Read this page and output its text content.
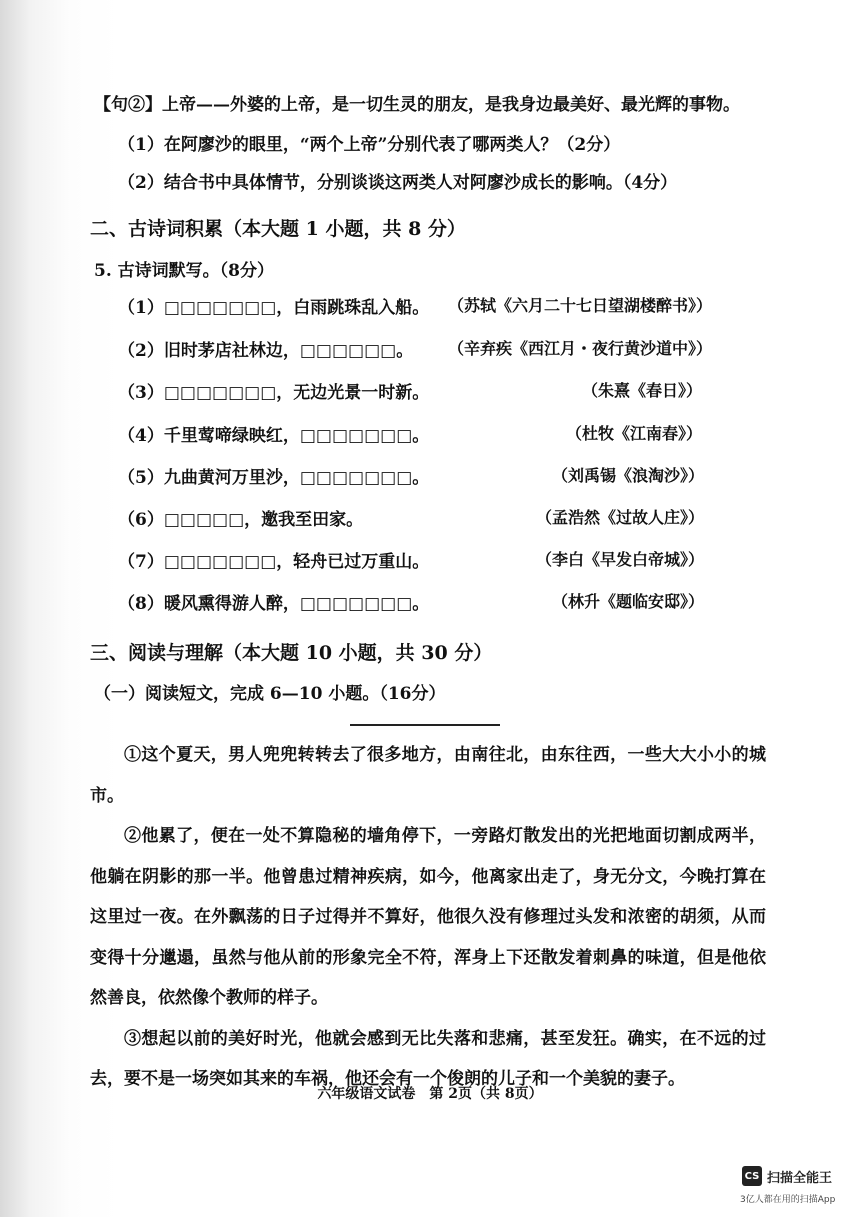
【句②】上帝——外婆的上帝，是一切生灵的朋友，是我身边最美好、最光辉的事物。
（1）在阿廖沙的眼里，“两个上帝”分别代表了哪两类人？（2分）
（2）结合书中具体情节，分别谈谈这两类人对阿廖沙成长的影响。（4分）
二、古诗词积累（本大题 1 小题，共 8 分）
5. 古诗词默写。（8分）
（1）□□□□□□□，白雨跳珠乱入船。 （苏轼《六月二十七日望湖楼醉书》）
（2）旧时茅店社林边，□□□□□□。 （辛弃疾《西江月・夜行黄沙道中》）
（3）□□□□□□□，无边光景一时新。	（朱熹《春日》）
（4）千里莺啼绿映红，□□□□□□□。	（杜牧《江南春》）
（5）九曲黄河万里沙，□□□□□□□。	（刘禹锡《浪淘沙》）
（6）□□□□□，邀我至田家。	（孟浩然《过故人庄》）
（7）□□□□□□□，轻舟已过万重山。	（李白《早发白帝城》）
（8）暖风熏得游人醉，□□□□□□□。	（林升《题临安邸》）
三、阅读与理解（本大题 10 小题，共 30 分）
（一）阅读短文，完成 6—10 小题。（16分）

①这个夏天，男人兜兜转转去了很多地方，由南往北，由东往西，一些大大小小的城市。

②他累了，便在一处不算隐秘的墙角停下，一旁路灯散发出的光把地面切割成两半，他躺在阴影的那一半。他曾患过精神疾病，如今，他离家出走了，身无分文，今晚打算在这里过一夜。在外飘荡的日子过得并不算好，他很久没有修理过头发和浓密的胡须，从而变得十分邋遢，虽然与他从前的形象完全不符，浑身上下还散发着刺鼻的味道，但是他依然善良，依然像个教师的样子。

③想起以前的美好时光，他就会感到无比失落和悲痛，甚至发狂。确实，在不远的过去，要不是一场突如其来的车祸，他还会有一个俊朗的儿子和一个美貌的妻子。

六年级语文试卷　第 2页（共 8页）
CS 扫描全能王
3亿人都在用的扫描App
